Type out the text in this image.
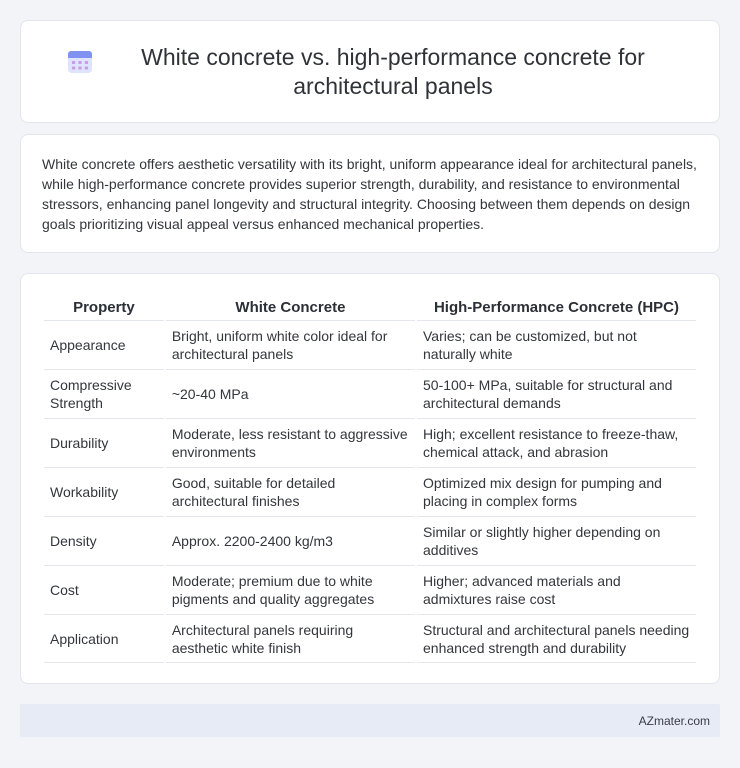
White concrete vs. high-performance concrete for architectural panels

White concrete offers aesthetic versatility with its bright, uniform appearance ideal for architectural panels, while high-performance concrete provides superior strength, durability, and resistance to environmental stressors, enhancing panel longevity and structural integrity. Choosing between them depends on design goals prioritizing visual appeal versus enhanced mechanical properties.

Property	White Concrete	High-Performance Concrete (HPC)
Appearance	Bright, uniform white color ideal for architectural panels	Varies; can be customized, but not naturally white
Compressive Strength	~20-40 MPa	50-100+ MPa, suitable for structural and architectural demands
Durability	Moderate, less resistant to aggressive environments	High; excellent resistance to freeze-thaw, chemical attack, and abrasion
Workability	Good, suitable for detailed architectural finishes	Optimized mix design for pumping and placing in complex forms
Density	Approx. 2200-2400 kg/m3	Similar or slightly higher depending on additives
Cost	Moderate; premium due to white pigments and quality aggregates	Higher; advanced materials and admixtures raise cost
Application	Architectural panels requiring aesthetic white finish	Structural and architectural panels needing enhanced strength and durability
AZmater.com
